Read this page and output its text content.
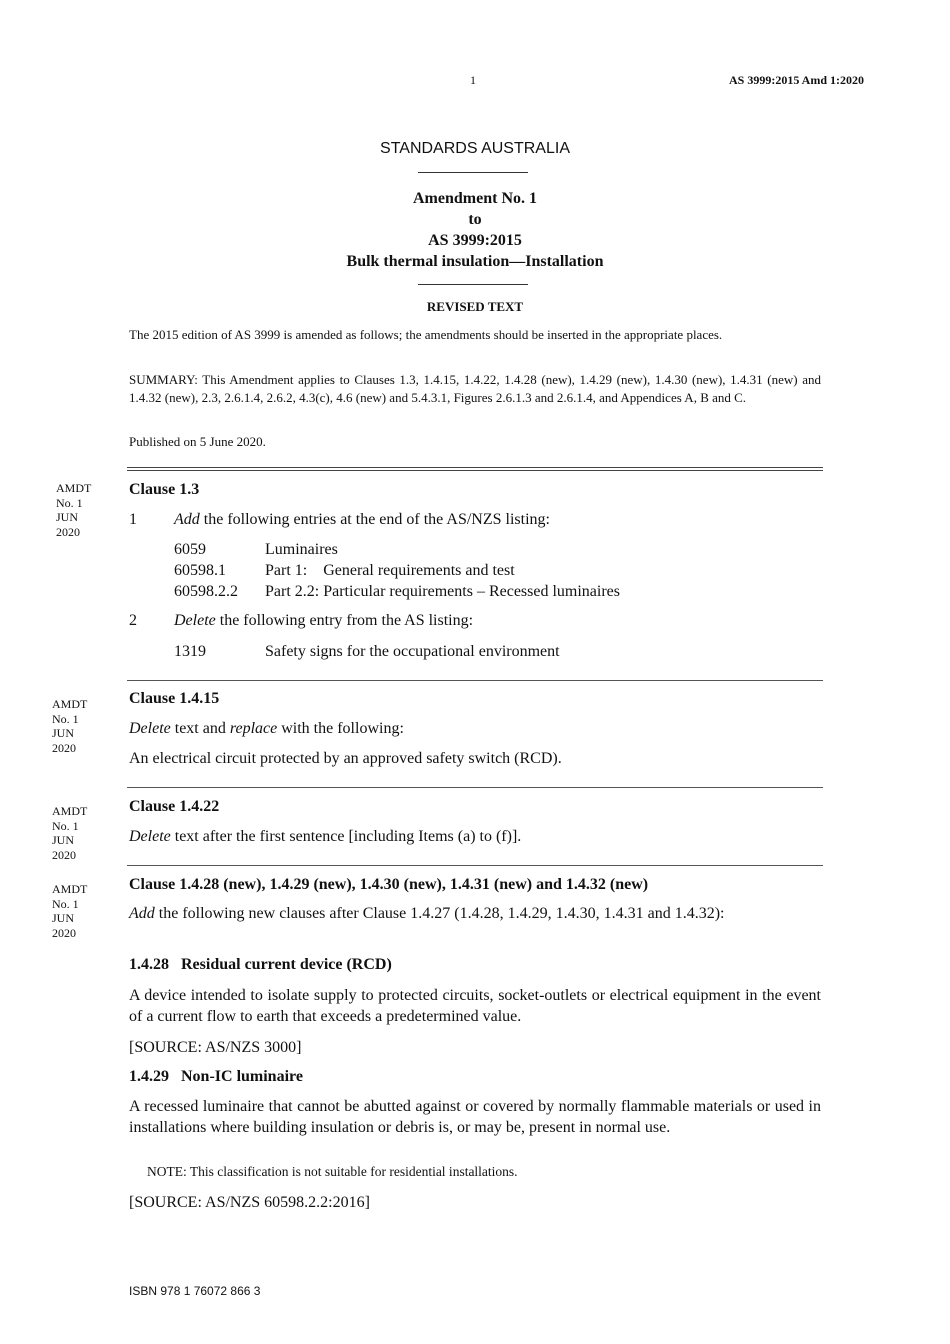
1	AS 3999:2015 Amd 1:2020
STANDARDS AUSTRALIA
Amendment No. 1
to
AS 3999:2015
Bulk thermal insulation—Installation
REVISED TEXT
The 2015 edition of AS 3999 is amended as follows; the amendments should be inserted in the appropriate places.
SUMMARY: This Amendment applies to Clauses 1.3, 1.4.15, 1.4.22, 1.4.28 (new), 1.4.29 (new), 1.4.30 (new), 1.4.31 (new) and 1.4.32 (new), 2.3, 2.6.1.4, 2.6.2, 4.3(c), 4.6 (new) and 5.4.3.1, Figures 2.6.1.3 and 2.6.1.4, and Appendices A, B and C.
Published on 5 June 2020.
AMDT
No. 1
JUN
2020
Clause 1.3
1 Add the following entries at the end of the AS/NZS listing:
6059	Luminaires
60598.1	Part 1: General requirements and test
60598.2.2	Part 2.2: Particular requirements – Recessed luminaires
2 Delete the following entry from the AS listing:
1319	Safety signs for the occupational environment
AMDT
No. 1
JUN
2020
Clause 1.4.15
Delete text and replace with the following:
An electrical circuit protected by an approved safety switch (RCD).
AMDT
No. 1
JUN
2020
Clause 1.4.22
Delete text after the first sentence [including Items (a) to (f)].
AMDT
No. 1
JUN
2020
Clause 1.4.28 (new), 1.4.29 (new), 1.4.30 (new), 1.4.31 (new) and 1.4.32 (new)
Add the following new clauses after Clause 1.4.27 (1.4.28, 1.4.29, 1.4.30, 1.4.31 and 1.4.32):
1.4.28 Residual current device (RCD)
A device intended to isolate supply to protected circuits, socket-outlets or electrical equipment in the event of a current flow to earth that exceeds a predetermined value.
[SOURCE: AS/NZS 3000]
1.4.29 Non-IC luminaire
A recessed luminaire that cannot be abutted against or covered by normally flammable materials or used in installations where building insulation or debris is, or may be, present in normal use.
NOTE: This classification is not suitable for residential installations.
[SOURCE: AS/NZS 60598.2.2:2016]
ISBN 978 1 76072 866 3
